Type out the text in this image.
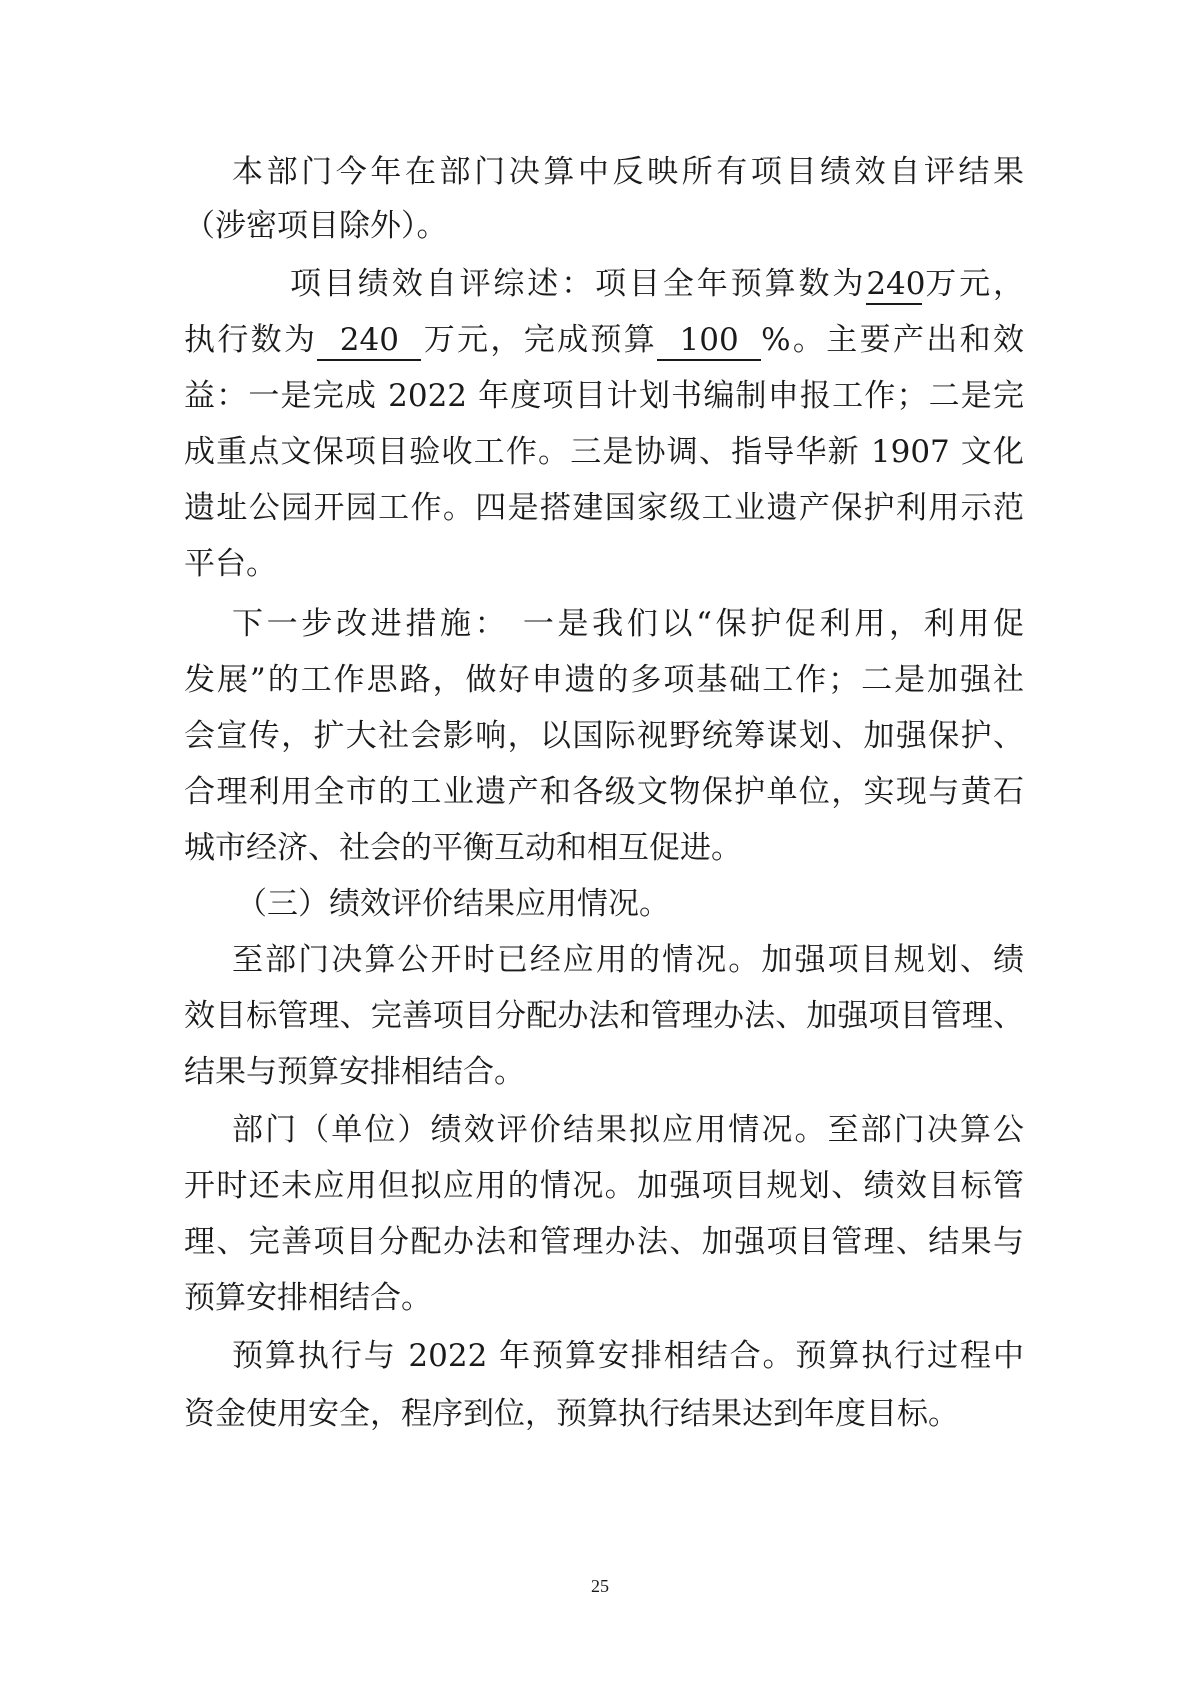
本部门今年在部门决算中反映所有项目绩效自评结果
（涉密项目除外）。
项目绩效自评综述：项目全年预算数为240万元，
执行数为 240 万元，完成预算 100 %。主要产出和效
益：一是完成 2022 年度项目计划书编制申报工作；二是完
成重点文保项目验收工作。三是协调、指导华新 1907 文化
遗址公园开园工作。四是搭建国家级工业遗产保护利用示范
平台。
下一步改进措施： 一是我们以“保护促利用，利用促
发展”的工作思路，做好申遗的多项基础工作；二是加强社
会宣传，扩大社会影响，以国际视野统筹谋划、加强保护、
合理利用全市的工业遗产和各级文物保护单位，实现与黄石
城市经济、社会的平衡互动和相互促进。
（三）绩效评价结果应用情况。
至部门决算公开时已经应用的情况。加强项目规划、绩
效目标管理、完善项目分配办法和管理办法、加强项目管理、
结果与预算安排相结合。
部门（单位）绩效评价结果拟应用情况。至部门决算公
开时还未应用但拟应用的情况。加强项目规划、绩效目标管
理、完善项目分配办法和管理办法、加强项目管理、结果与
预算安排相结合。
预算执行与 2022 年预算安排相结合。预算执行过程中
资金使用安全，程序到位，预算执行结果达到年度目标。
25
